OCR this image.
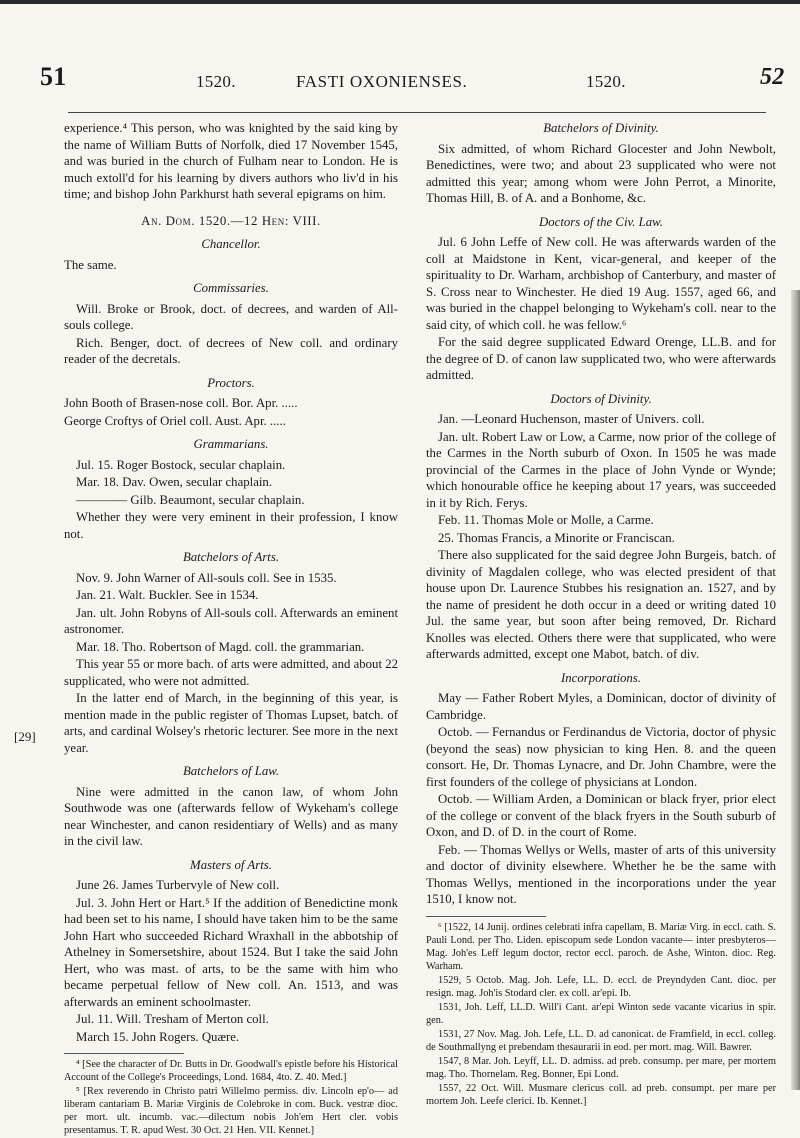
51	1520.	FASTI OXONIENSES.	1520.	52
[29]

experience.⁴ This person, who was knighted by the said king by the name of William Butts of Norfolk, died 17 November 1545, and was buried in the church of Fulham near to London. He is much extoll'd for his learning by divers authors who liv'd in his time; and bishop John Parkhurst hath several epigrams on him.

An. Dom. 1520.—12 Hen: VIII.

Chancellor.

The same.

Commissaries.

Will. Broke or Brook, doct. of decrees, and warden of All-souls college.

Rich. Benger, doct. of decrees of New coll. and ordinary reader of the decretals.

Proctors.

John Booth of Brasen-nose coll. Bor. Apr. .....

George Croftys of Oriel coll. Aust. Apr. .....

Grammarians.

Jul. 15. Roger Bostock, secular chaplain.

Mar. 18. Dav. Owen, secular chaplain.

———— Gilb. Beaumont, secular chaplain.

Whether they were very eminent in their profession, I know not.

Batchelors of Arts.

Nov. 9. John Warner of All-souls coll. See in 1535.

Jan. 21. Walt. Buckler. See in 1534.

Jan. ult. John Robyns of All-souls coll. Afterwards an eminent astronomer.

Mar. 18. Tho. Robertson of Magd. coll. the grammarian.

This year 55 or more bach. of arts were admitted, and about 22 supplicated, who were not admitted.

In the latter end of March, in the beginning of this year, is mention made in the public register of Thomas Lupset, batch. of arts, and cardinal Wolsey's rhetoric lecturer. See more in the next year.

Batchelors of Law.

Nine were admitted in the canon law, of whom John Southwode was one (afterwards fellow of Wykeham's college near Winchester, and canon residentiary of Wells) and as many in the civil law.

Masters of Arts.

June 26. James Turbervyle of New coll.

Jul. 3. John Hert or Hart.⁵ If the addition of Benedictine monk had been set to his name, I should have taken him to be the same John Hart who succeeded Richard Wraxhall in the abbotship of Athelney in Somersetshire, about 1524. But I take the said John Hert, who was mast. of arts, to be the same with him who became perpetual fellow of New coll. An. 1513, and was afterwards an eminent schoolmaster.

Jul. 11. Will. Tresham of Merton coll.

March 15. John Rogers. Quære.

⁴ [See the character of Dr. Butts in Dr. Goodwall's epistle before his Historical Account of the College's Proceedings, Lond. 1684, 4to. Z. 40. Med.]

⁵ [Rex reverendo in Christo patri Willelmo permiss. div. Lincoln ep'o— ad liberam cantariam B. Mariæ Virginis de Colebroke in com. Buck. vestræ dioc. per mort. ult. incumb. vac.—dilectum nobis Joh'em Hert cler. vobis presentamus. T. R. apud West. 30 Oct. 21 Hen. VII. Kennet.]

Batchelors of Divinity.

Six admitted, of whom Richard Glocester and John Newbolt, Benedictines, were two; and about 23 supplicated who were not admitted this year; among whom were John Perrot, a Minorite, Thomas Hill, B. of A. and a Bonhome, &c.

Doctors of the Civ. Law.

Jul. 6 John Leffe of New coll. He was afterwards warden of the coll at Maidstone in Kent, vicar-general, and keeper of the spirituality to Dr. Warham, archbishop of Canterbury, and master of S. Cross near to Winchester. He died 19 Aug. 1557, aged 66, and was buried in the chappel belonging to Wykeham's coll. near to the said city, of which coll. he was fellow.⁶

For the said degree supplicated Edward Orenge, LL.B. and for the degree of D. of canon law supplicated two, who were afterwards admitted.

Doctors of Divinity.

Jan. —Leonard Huchenson, master of Univers. coll.

Jan. ult. Robert Law or Low, a Carme, now prior of the college of the Carmes in the North suburb of Oxon. In 1505 he was made provincial of the Carmes in the place of John Vynde or Wynde; which honourable office he keeping about 17 years, was succeeded in it by Rich. Ferys.

Feb. 11. Thomas Mole or Molle, a Carme.

25. Thomas Francis, a Minorite or Franciscan.

There also supplicated for the said degree John Burgeis, batch. of divinity of Magdalen college, who was elected president of that house upon Dr. Laurence Stubbes his resignation an. 1527, and by the name of president he doth occur in a deed or writing dated 10 Jul. the same year, but soon after being removed, Dr. Richard Knolles was elected. Others there were that supplicated, who were afterwards admitted, except one Mabot, batch. of div.

Incorporations.

May — Father Robert Myles, a Dominican, doctor of divinity of Cambridge.

Octob. — Fernandus or Ferdinandus de Victoria, doctor of physic (beyond the seas) now physician to king Hen. 8. and the queen consort. He, Dr. Thomas Lynacre, and Dr. John Chambre, were the first founders of the college of physicians at London.

Octob. — William Arden, a Dominican or black fryer, prior elect of the college or convent of the black fryers in the South suburb of Oxon, and D. of D. in the court of Rome.

Feb. — Thomas Wellys or Wells, master of arts of this university and doctor of divinity elsewhere. Whether he be the same with Thomas Wellys, mentioned in the incorporations under the year 1510, I know not.

⁶ [1522, 14 Junij. ordines celebrati infra capellam, B. Mariæ Virg. in eccl. cath. S. Pauli Lond. per Tho. Liden. episcopum sede London vacante— inter presbyteros—Mag. Joh'es Leff legum doctor, rector eccl. paroch. de Ashe, Winton. dioc. Reg. Warham.

1529, 5 Octob. Mag. Joh. Lefe, LL. D. eccl. de Preyndyden Cant. dioc. per resign. mag. Joh'is Stodard cler. ex coll. ar'epi. Ib.

1531, Joh. Leff, LL.D. Will'i Cant. ar'epi Winton sede vacante vicarius in spir. gen.

1531, 27 Nov. Mag. Joh. Lefe, LL. D. ad canonicat. de Framfield, in eccl. colleg. de Southmallyng et prebendam thesaurarii in eod. per mort. mag. Will. Bawrer.

1547, 8 Mar. Joh. Leyff, LL. D. admiss. ad preb. consump. per mare, per mortem mag. Tho. Thornelam. Reg. Bonner, Epi Lond.

1557, 22 Oct. Will. Musmare clericus coll. ad preb. consumpt. per mare per mortem Joh. Leefe clerici. Ib. Kennet.]
